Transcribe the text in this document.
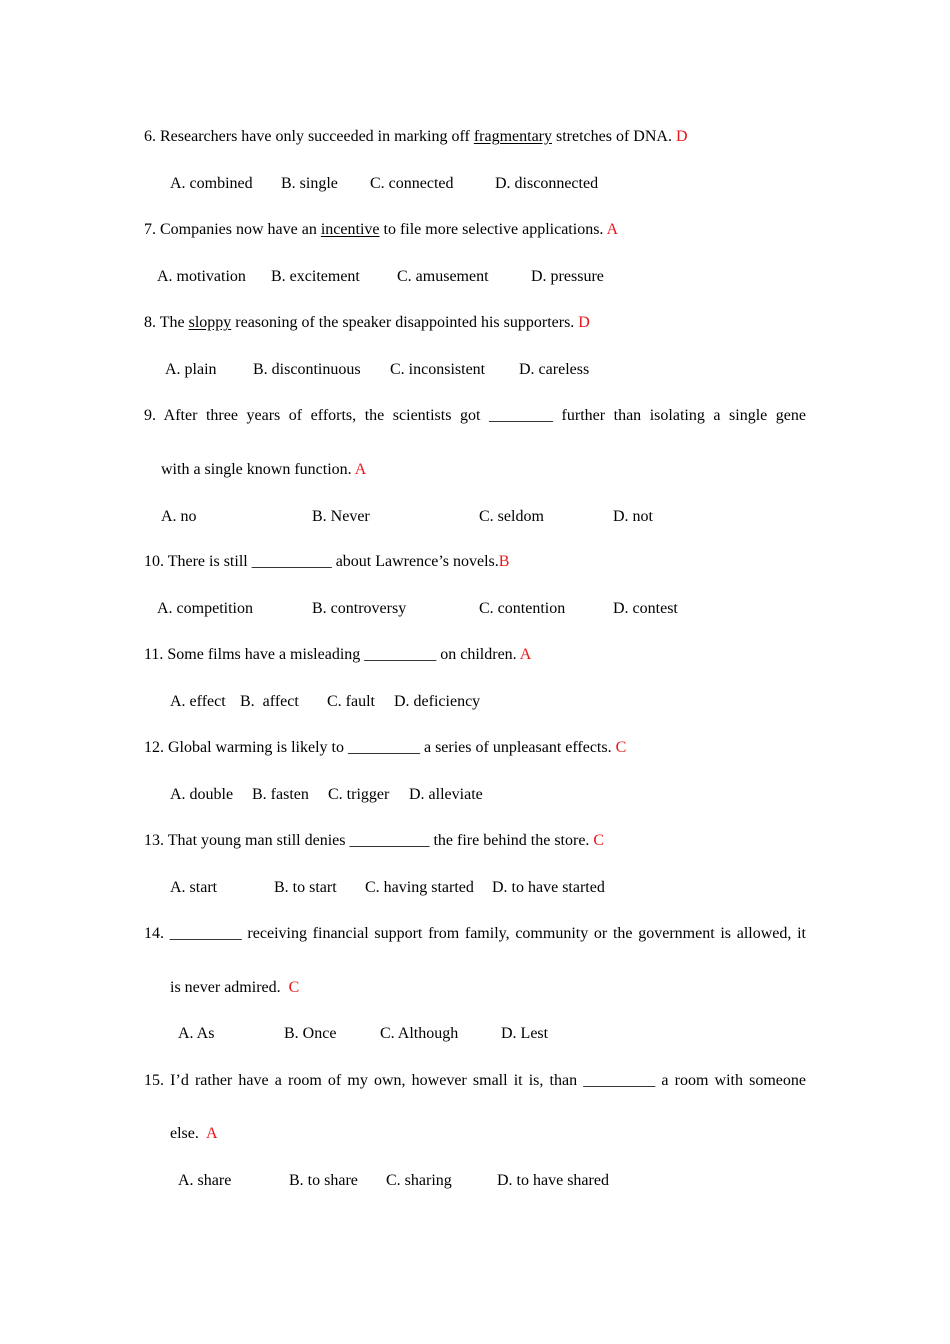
6. Researchers have only succeeded in marking off fragmentary stretches of DNA. D
A. combined B. single C. connected	D. disconnected
7. Companies now have an incentive to file more selective applications. A
A. motivation B. excitement C. amusement	D. pressure
8. The sloppy reasoning of the speaker disappointed his supporters. D
A. plain B. discontinuous C. inconsistent D. careless
9. After three years of efforts, the scientists got ________ further than isolating a single gene
with a single known function. A
A. no	B. Never	C. seldom	D. not
10. There is still __________ about Lawrence’s novels.B
A. competition	B. controversy	C. contention	D. contest
11. Some films have a misleading _________ on children. A
A. effect B.  affect C. fault D. deficiency
12. Global warming is likely to _________ a series of unpleasant effects. C
A. double B. fasten C. trigger D. alleviate
13. That young man still denies __________ the fire behind the store. C
A. start	B. to start C. having started D. to have started
14. _________ receiving financial support from family, community or the government is allowed, it
is never admired.  C
A. As	B. Once	C. Although	D. Lest
15. I’d rather have a room of my own, however small it is, than _________ a room with someone
else.  A
A. share	B. to share C. sharing	D. to have shared
